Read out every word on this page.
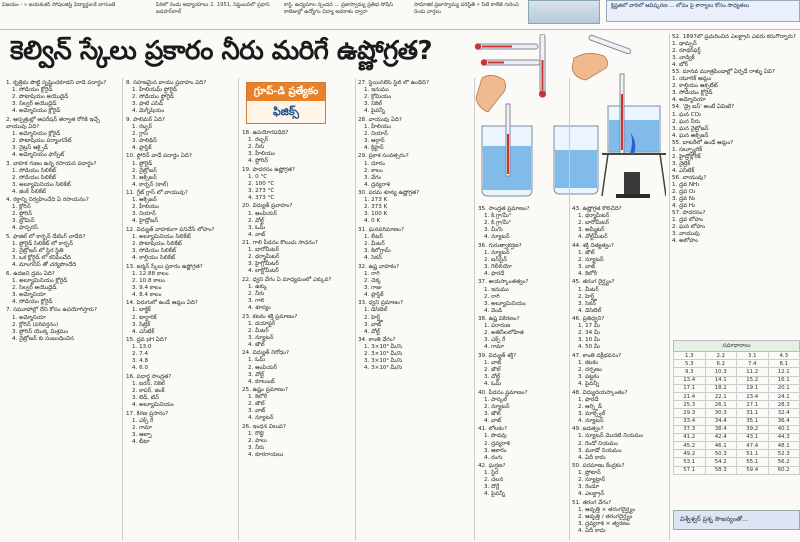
విజయం - » జయశంకర్ సోషలజిస్ట్ విద్యార్థులకే బాగుంటే	పీఠిలో రెండు అధ్యాయాలు 2. 1951, సెప్టెంబర్‌లో ప్రధాని జవహర్‌లాల్
కార్డ్, ఉద్యమాల స్పందన ... ప్రజాస్వామ్య ప్రతిభ సోషిస్ కాలెజుల్లో ఉద్యోగం విద్యా అవకాశం ద్వారా
సామాజిక ప్రజాస్వామ్య పరిస్థితి » సిటీ కాలేజ్ గురించి రెండు వార్తలు
క్లిష్టతలో వారిలో ఆవిష్కరణ ... లోపం పై కార్యాలు కోసం సాధ్యతలు
కెల్విన్ స్కేలు ప్రకారం నీరు మరిగే ఉష్ణోగ్రత?
గ్రూప్-డి ప్రత్యేకం
ఫిజిక్స్
1. కృత్రిమ పొట్టి సృష్టించకూడని వాడే పదార్థం?
1. సోడియం క్లోరైడ్
2. పొటాషియం అయొడైడ్
3. సిల్వర్ అయొడైడ్
4. అమ్మోనియం క్లోరైడ్
2. ఆస్పత్రుల్లో ఆపరేషన్ తర్వాత రోగికి ఇచ్చే వాయువు ఏది?
1. అమ్మోనియం క్లోరైడ్
2. పొటాషియం పర్మాంగనేట్
3. నైట్రస్ ఆక్సైడ్
4. అమ్మోనియం ఫాస్ఫేట్
3. వాహక గుణం ఉన్న రసాయన పదార్థం?
1. సోడియం సిలికేట్
2. సోడియం సిలికేట్
3. అల్యూమినియం సిలికేట్
4. జింక్ సిలికేట్
4. రక్తాన్ని నిర్వహించేది ఏ రసాయనం?
1. క్లోరిన్
2. ఫ్లోరిన్
3. బ్రోమిన్
4. ఫాస్ఫరస్
5. ఫాజిల్ లో కార్బన్ డేటింగ్ వాడేది?
1. ఫ్లోరైడ్ సిలికేట్ లో కార్బన్
2. నైట్రోజన్ లో స్థిర స్థితి
3. ఒక క్లోరైడ్ లో కనిపించేది
4. మాంగనీస్ తో చర్యపొందేది
6. ఉదజని ద్రవం ఏది?
1. అల్యూమినియం క్లోరైడ్
2. సిల్వర్ అయొడైడ్
3. అమ్మోనియా
4. సోడియం క్లోరైడ్
7. సమూహాల్లో దేని కోసం ఉపయోగిస్తారు?
1. అమ్మోనియా
2. క్లోరిన్ (పరివర్తనం)
3. ఫ్లోరిన్ యొక్క మిశ్రమం
4. నైట్రోజన్ కు సంబంధించిన
8. సహజమైన వాయు ప్రవాహం ఏది?
1. హీలియమ్ ఫ్లోరైడ్
2. సోడియం ఫ్లోరైడ్
3. ఫాటి ఎసిడ్
4. మెగ్నీషియం
9. పాలిమర్ ఏది?
1. రబ్బర్
2. గ్లాస్
3. పాలిథిన్
4. ప్లాస్టిక్
10. ఫ్లోరిన్ వాడే పదార్థం ఏది?
1. ఫ్లోరైడ్
2. నైట్రోజన్
3. ఆక్సిజన్
4. కార్బన్ (కాల్)
11. గ్రేట్ గ్లాస్ లో వాయువు?
1. ఆక్సిజన్
2. హీలియం
3. నియాన్
4. హైడ్రోజన్
12. విద్యుత్ వాహకంగా పనిచేసే లోహం?
1. అల్యూమినియం సిలికేట్
2. పొటాషియం సిలికేట్
3. సోడియం సిలికేట్
4. కాల్షియం సిలికేట్
13. జర్మన్ స్కేలు ప్రకారం ఉష్ణోగ్రత?
1. 12.88 కాలం
2. 10.8 కాలం
3. 9.4 కాలం
4. 8.4 కాలం
14. పెరుగులో ఉండే ఆమ్లం ఏది?
1. లాక్టిక్
2. టార్టారిక్
3. సిట్రిక్
4. ఎసిటిక్
15. ద్రవ pH ఏది?
1. 13.0
2. 7.4
3. 4.8
4. 6.0
16. పదార్థ సాంద్రత?
1. ఐరన్, నికెల్
2. కాపర్, జింక్
3. లెడ్, టిన్
4. అల్యూమినియం
17. కిరణ ప్రసారం?
1. ఎక్స్ రే
2. గామా
3. ఆల్ఫా
4. బీటా
18. ఉపయోగపడేది?
1. రబ్బర్
2. నీరు
3. హీలియం
4. ఫ్లోరిన్
19. పాదరసం ఉష్ణోగ్రత?
1. 0 °C
2. 100 °C
3. 273 °C
4. 373 °C
20. విద్యుత్ ప్రవాహం?
1. ఆంపియర్
2. వోల్ట్
3. ఓమ్
4. వాట్
21. గాలి పీడనం కొలుచు సాధనం?
1. బారోమీటర్
2. థర్మామీటర్
3. హైగ్రోమీటర్
4. లాక్టోమీటర్
22. ధ్వని వేగం ఏ మాధ్యమంలో ఎక్కువ?
1. ఉక్కు
2. నీరు
3. గాలి
4. శూన్యం
23. కటకం శక్తి ప్రమాణం?
1. డయాప్టర్
2. మీటర్
3. న్యూటన్
4. జౌల్
24. విద్యుత్ నిరోధం?
1. ఓమ్
2. ఆంపియర్
3. వోల్ట్
4. కూలుంబ్
25. ఉష్ణం ప్రమాణం?
1. కెలోరీ
2. జౌల్
3. వాట్
4. న్యూటన్
26. ఇంధన విలువ?
1. రొట్టె
2. పాలు
3. నీరు
4. కూరగాయలు
27. స్టెయిన్‌లెస్ స్టీల్ లో ఉండేది?
1. ఇనుము
2. క్రోమియం
3. నికెల్
4. పైవన్నీ
28. వాయువు ఏది?
1. హీలియం
2. నియాన్
3. ఆర్గాన్
4. క్రిప్టాన్
29. ప్రకాశ సంవత్సరం?
1. దూరం
2. కాలం
3. వేగం
4. ద్రవ్యరాశి
30. పరమ శూన్య ఉష్ణోగ్రత?
1. 273 K
2. 373 K
3. 100 K
4. 0 K
31. ఘనపరిమాణం?
1. లీటర్
2. మీటర్
3. కిలోగ్రామ్
4. సెకన్
32. ఉష్ణ వాహకం?
1. రాగి
2. చెక్క
3. గాజు
4. ప్లాస్టిక్
33. ధ్వని ప్రమాణం?
1. డెసిబెల్
2. హెర్ట్జ్
3. వాట్
4. వోల్ట్
34. కాంతి వేగం?
1. 3×10⁸ మీ/సె
2. 3×10⁶ మీ/సె
3. 3×10⁴ మీ/సె
4. 3×10² మీ/సె
35. సాంద్రత ప్రమాణం?
1. కి.గ్రా/మీ³
2. కి.గ్రా/మీ²
3. మీ/సె
4. న్యూటన్
36. గురుత్వాకర్షణ?
1. న్యూటన్
2. ఐన్‌స్టీన్
3. గెలీలియో
4. ఫారడే
37. అయస్కాంతత్వం?
1. ఇనుము
2. రాగి
3. అల్యూమినియం
4. వెండి
38. ఉష్ణ వికిరణం?
1. పరారుణ
2. అతినీలలోహిత
3. ఎక్స్ రే
4. గామా
39. విద్యుత్ శక్తి?
1. వాట్
2. జౌల్
3. వోల్ట్
4. ఓమ్
40. పీడనం ప్రమాణం?
1. పాస్కల్
2. న్యూటన్
3. జౌల్
4. వాట్
41. లోలకం?
1. పొడవు
2. ద్రవ్యరాశి
3. ఆకారం
4. రంగు
42. ఘర్షణ?
1. స్థిర
2. చలన
3. దొర్లే
4. పైవన్నీ
43. ఉష్ణోగ్రత కొలిచేది?
1. థర్మామీటర్
2. బారోమీటర్
3. అమ్మీటర్
4. వోల్ట్‌మీటర్
44. శక్తి నిత్యత్వం?
1. జౌల్
2. న్యూటన్
3. వాట్
4. కెలోరీ
45. తరంగ దైర్ఘ్యం?
1. మీటర్
2. హెర్ట్జ్
3. సెకన్
4. డెసిబెల్
46. ప్రతిధ్వని?
1. 17 మీ
2. 34 మీ
3. 10 మీ
4. 50 మీ
47. కాంతి వక్రీభవనం?
1. కటకం
2. దర్పణం
3. పట్టకం
4. పైవన్నీ
48. విద్యుదయస్కాంతం?
1. ఫారడే
2. ఆర్స్టెడ్
3. మాక్స్వెల్
4. న్యూటన్
49. జడత్వం?
1. న్యూటన్ మొదటి నియమం
2. రెండో నియమం
3. మూడో నియమం
4. ఏదీ కాదు
50. పరమాణు కేంద్రకం?
1. ప్రోటాన్
2. న్యూట్రాన్
3. రెండూ
4. ఎలక్ట్రాన్
51. తరంగ వేగం?
1. ఆవృత్తి × తరంగదైర్ఘ్యం
2. ఆవృత్తి / తరంగదైర్ఘ్యం
3. ద్రవ్యరాశి × త్వరణం
4. ఏదీ కాదు
52. 1897లో ప్రచురించిన ఎలక్ట్రాన్ ఎవరు కనుగొన్నారు?
1. థామ్సన్
2. రూథర్‌ఫర్డ్
3. చాడ్విక్
4. బోర్
53. మానవ మూత్రపిండాల్లో ఏర్పడే రాళ్ళు ఏవి?
1. యూరిక్ ఆమ్లం
2. కాల్షియం ఆక్సలేట్
3. సోడియం క్లోరైడ్
4. అమ్మోనియా
54. 'డ్రై ఐస్' అంటే ఏమిటి?
1. ఘన CO₂
2. ఘన నీరు
3. ఘన నైట్రోజన్
4. ఘన ఆక్సిజన్
55. బాటరీలో ఉండే ఆమ్లం?
1. సల్ఫ్యూరిక్
2. హైడ్రోక్లోరిక్
3. నైట్రిక్
4. ఎసిటిక్
56. వాయువు?
1. ద్రవ NH₃
2. ద్రవ O₂
3. ద్రవ N₂
4. ద్రవ H₂
57. పాదరసం?
1. ద్రవ లోహం
2. ఘన లోహం
3. వాయువు
4. అలోహం
సమాధానాలు			
1.3	2.2	3.1	4.3
5.3	6.2	7.4	8.1
9.3	10.3	11.2	12.1
13.4	14.1	15.2	16.1
17.1	18.2	19.1	20.1
21.4	22.1	23.4	24.1
25.3	26.1	27.1	28.3
29.3	30.3	31.1	32.4
33.4	34.4	35.1	36.4
37.3	38.4	39.2	40.1
41.2	42.4	43.1	44.3
45.2	46.1	47.4	48.1
49.2	50.3	51.1	52.3
53.1	54.2	55.1	56.2
57.1	58.3	59.4	60.2
విశ్వేశ్వర్ ప్రశ్న సౌజన్యంతో...
